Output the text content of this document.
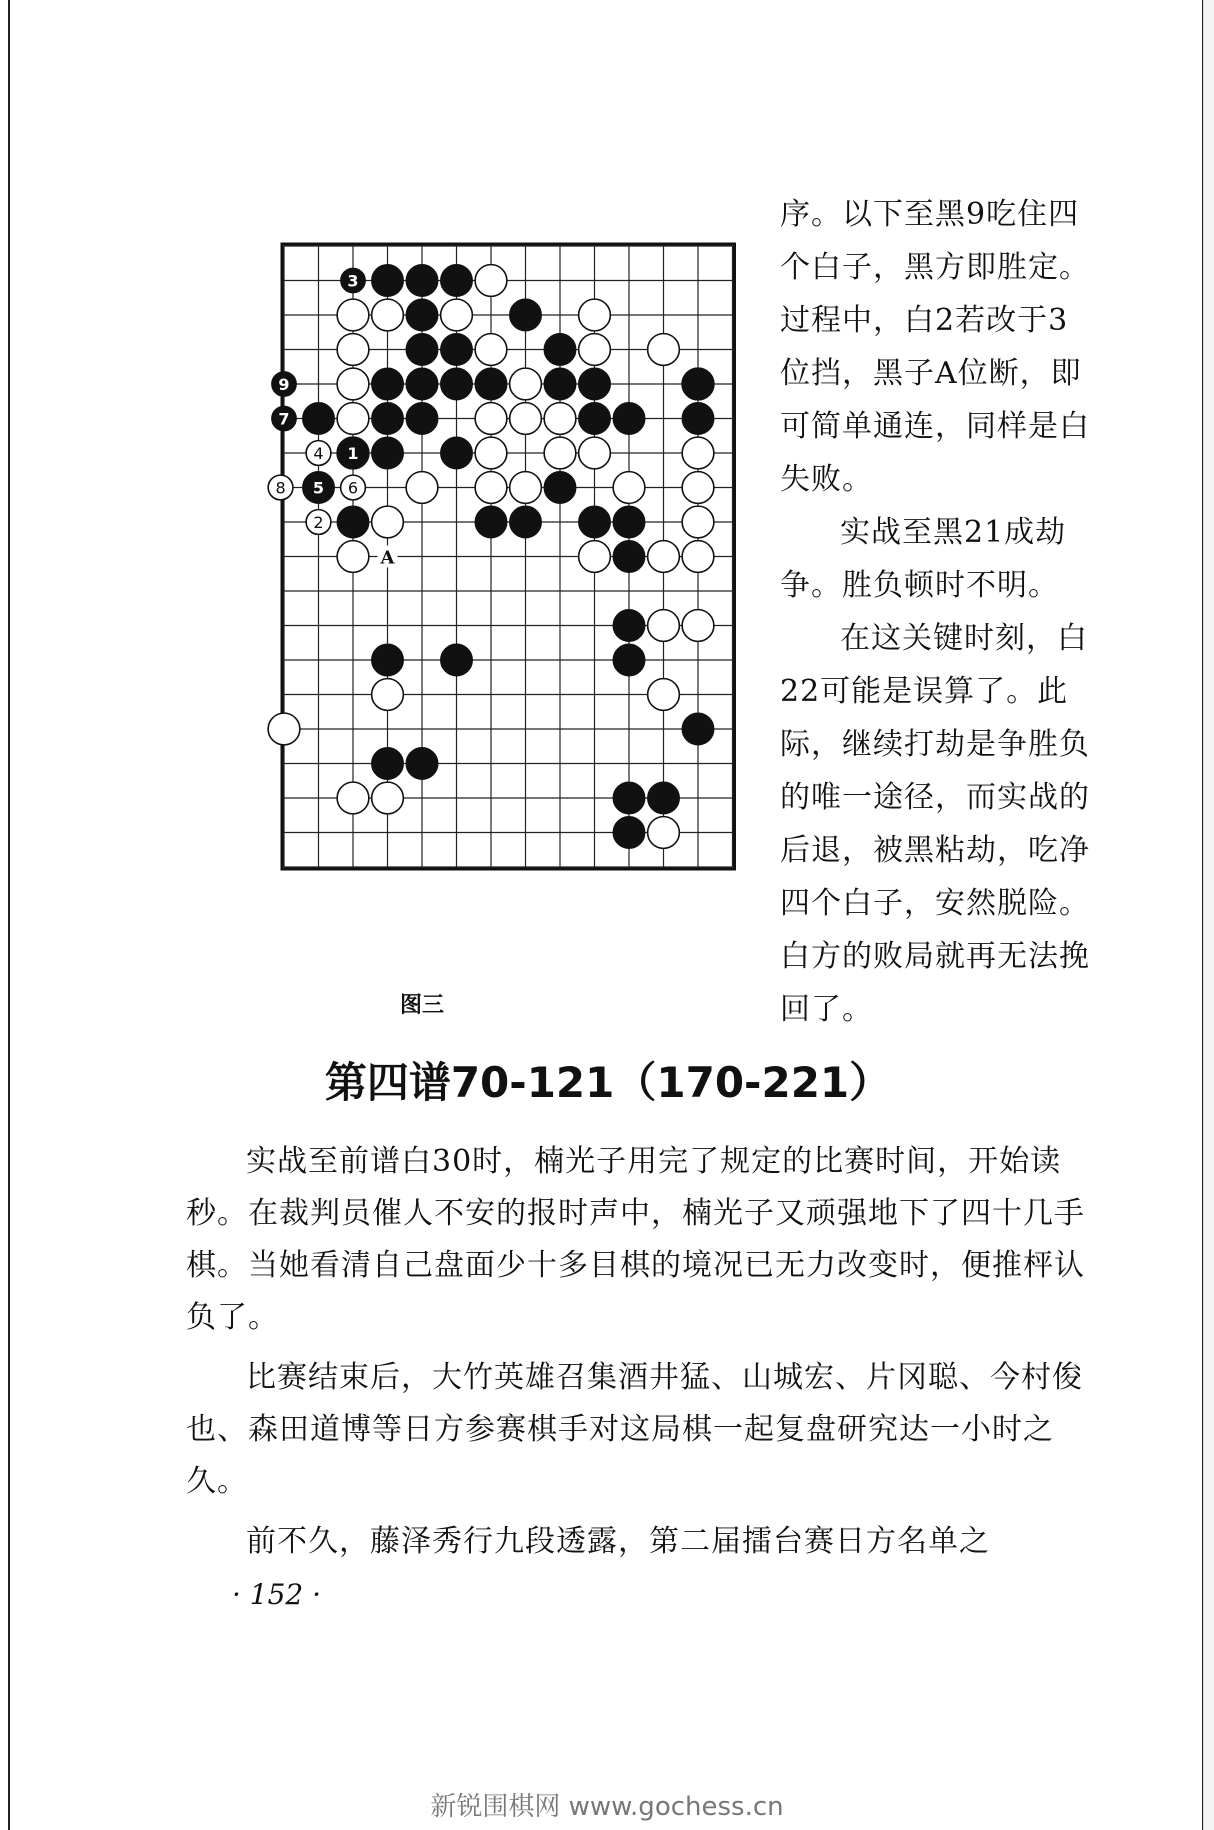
3
9
7
1
5
4
6
2
8
A
图三

序。以下至黑9吃住四个白子，黑方即胜定。过程中，白2若改于3位挡，黑子A位断，即可简单通连，同样是白失败。

实战至黑21成劫争。胜负顿时不明。

在这关键时刻，白22可能是误算了。此际，继续打劫是争胜负的唯一途径，而实战的后退，被黑粘劫，吃净四个白子，安然脱险。白方的败局就再无法挽回了。

第四谱70-121（170-221）

实战至前谱白30时，楠光子用完了规定的比赛时间，开始读秒。在裁判员催人不安的报时声中，楠光子又顽强地下了四十几手棋。当她看清自己盘面少十多目棋的境况已无力改变时，便推枰认负了。

比赛结束后，大竹英雄召集酒井猛、山城宏、片冈聪、今村俊也、森田道博等日方参赛棋手对这局棋一起复盘研究达一小时之久。

前不久，藤泽秀行九段透露，第二届擂台赛日方名单之

· 152 ·
新锐围棋网 www.gochess.cn
